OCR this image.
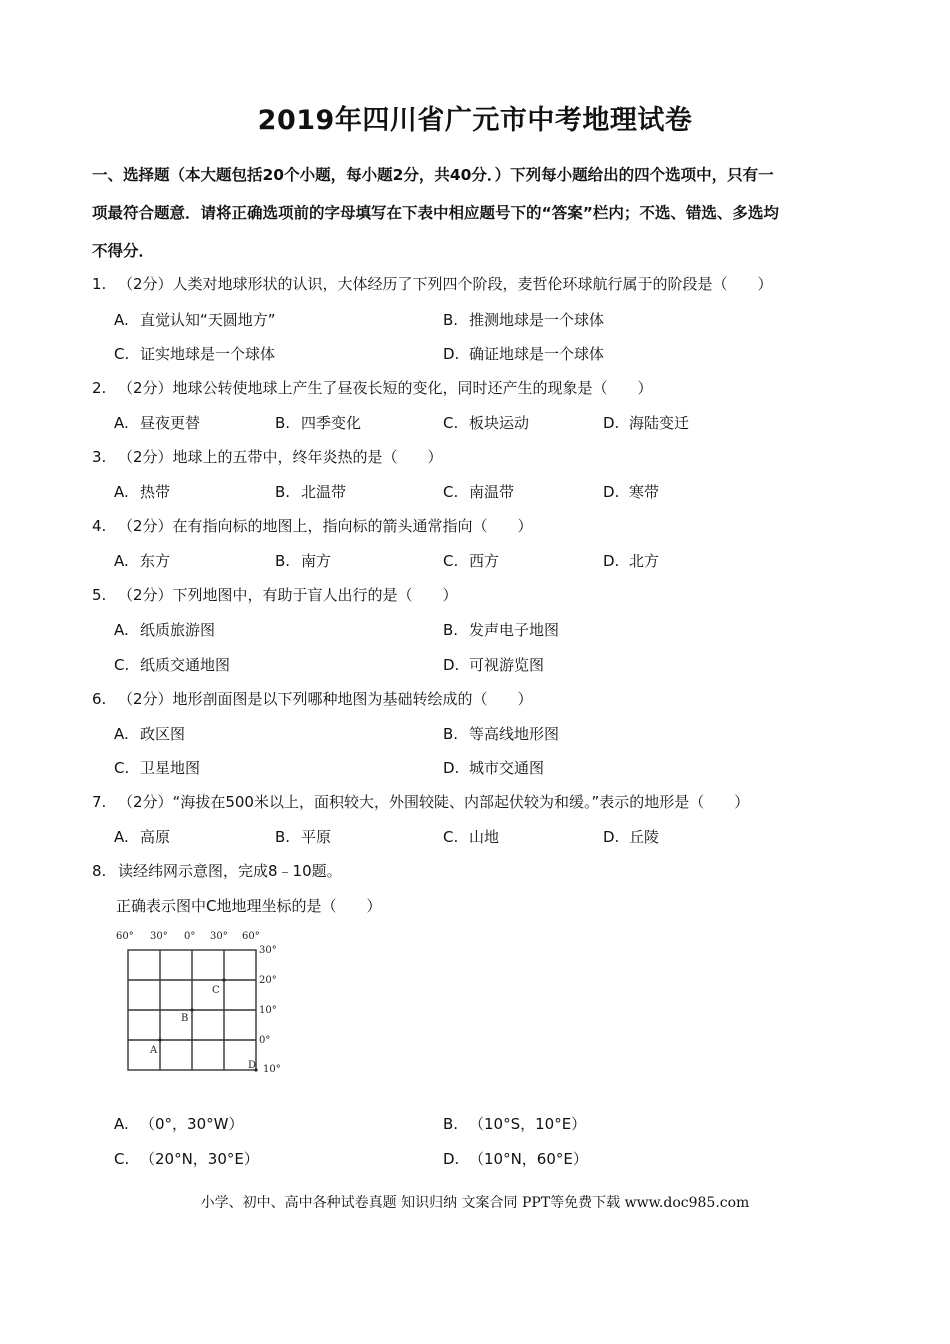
2019年四川省广元市中考地理试卷
一、选择题（本大题包括20个小题，每小题2分，共40分．）下列每小题给出的四个选项中，只有一
项最符合题意．请将正确选项前的字母填写在下表中相应题号下的“答案”栏内；不选、错选、多选均
不得分．
1. （2分）人类对地球形状的认识，大体经历了下列四个阶段，麦哲伦环球航行属于的阶段是（　　）
A. 直觉认知“天圆地方”	B. 推测地球是一个球体
C. 证实地球是一个球体	D. 确证地球是一个球体
2. （2分）地球公转使地球上产生了昼夜长短的变化，同时还产生的现象是（　　）
A. 昼夜更替	B. 四季变化	C. 板块运动	D. 海陆变迁
3. （2分）地球上的五带中，终年炎热的是（　　）
A. 热带	B. 北温带	C. 南温带	D. 寒带
4. （2分）在有指向标的地图上，指向标的箭头通常指向（　　）
A. 东方	B. 南方	C. 西方	D. 北方
5. （2分）下列地图中，有助于盲人出行的是（　　）
A. 纸质旅游图	B. 发声电子地图
C. 纸质交通地图	D. 可视游览图
6. （2分）地形剖面图是以下列哪种地图为基础转绘成的（　　）
A. 政区图	B. 等高线地形图
C. 卫星地图	D. 城市交通图
7. （2分）“海拔在500米以上，面积较大，外围较陡、内部起伏较为和缓。”表示的地形是（　　）
A. 高原	B. 平原	C. 山地	D. 丘陵
8. 读经纬网示意图，完成8﹣10题。
正确表示图中C地地理坐标的是（　　）
60° 30° 0° 30° 60°
30°
20°
10°
0°
10°
A
B
C
D
A. （0°，30°W）	B. （10°S，10°E）
C. （20°N，30°E）	D. （10°N，60°E）
小学、初中、高中各种试卷真题 知识归纳 文案合同 PPT等免费下载 www.doc985.com
